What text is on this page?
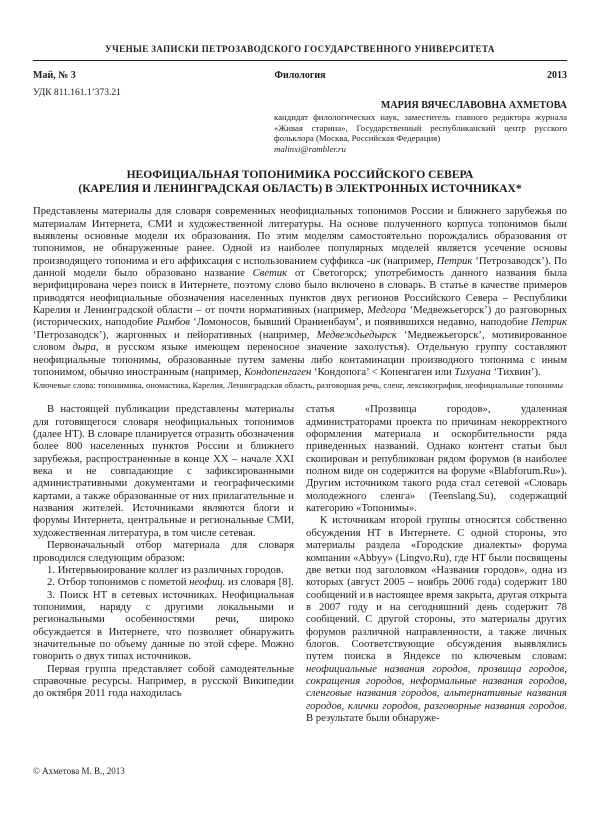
УЧЕНЫЕ ЗАПИСКИ ПЕТРОЗАВОДСКОГО ГОСУДАРСТВЕННОГО УНИВЕРСИТЕТА
Май, № 3	Филология	2013
УДК 811.161.1’373.21
МАРИЯ ВЯЧЕСЛАВОВНА АХМЕТОВА
кандидат филологических наук, заместитель главного редактора журнала «Живая старина», Государственный республиканский центр русского фольклора (Москва, Российская Федерация)
malinxi@rambler.ru
НЕОФИЦИАЛЬНАЯ ТОПОНИМИКА РОССИЙСКОГО СЕВЕРА
(КАРЕЛИЯ И ЛЕНИНГРАДСКАЯ ОБЛАСТЬ) В ЭЛЕКТРОННЫХ ИСТОЧНИКАХ*
Представлены материалы для словаря современных неофициальных топонимов России и ближнего зарубежья по материалам Интернета, СМИ и художественной литературы. На основе полученного корпуса топонимов были выявлены основные модели их образования. По этим моделям самостоятельно порождались образования от топонимов, не обнаруженные ранее. Одной из наиболее популярных моделей является усечение основы производящего топонима и его аффиксация с использованием суффикса -ик (например, Петрик ‘Петрозаводск’). По данной модели было образовано название Светик от Светогорск; употребимость данного названия была верифицирована через поиск в Интернете, поэтому слово было включено в словарь. В статье в качестве примеров приводятся неофициальные обозначения населенных пунктов двух регионов Российского Севера – Республики Карелия и Ленинградской области – от почти нормативных (например, Медгора ‘Медвежьегорск’) до разговорных (исторических, наподобие Рамбов ‘Ломоносов, бывший Ораниенбаум’, и появившихся недавно, наподобие Петрик ‘Петрозаводск’), жаргонных и пейоративных (например, Медвеждьедырск ‘Медвежьегорск’, мотивированное словом дыра, в русском языке имеющем переносное значение захолустья). Отдельную группу составляют неофициальные топонимы, образованные путем замены либо контаминации производного топонима с иным топонимом, обычно иностранным (например, Кондопенгаген ‘Кондопога’ < Копенгаген или Тихуана ‘Тихвин’).
Ключевые слова: топонимика, ономастика, Карелия, Ленинградская область, разговорная речь, сленг, лексикография, неофициальные топонимы

В настоящей публикации представлены материалы для готовящегося словаря неофициальных топонимов (далее НТ). В словаре планируется отразить обозначения более 800 населенных пунктов России и ближнего зарубежья, распространенные в конце XX – начале XXI века и не совпадающие с зафиксированными административными документами и географическими картами, а также образованные от них прилагательные и названия жителей. Источниками являются блоги и форумы Интернета, центральные и региональные СМИ, художественная литература, в том числе сетевая.

Первоначальный отбор материала для словаря проводился следующим образом:

1. Интервьюирование коллег из различных городов.

2. Отбор топонимов с пометой неофиц. из словаря [8].

3. Поиск НТ в сетевых источниках. Неофициальная топонимия, наряду с другими локальными и региональными особенностями речи, широко обсуждается в Интернете, что позволяет обнаружить значительные по объему данные по этой сфере. Можно говорить о двух типах источников.

Первая группа представляет собой самодеятельные справочные ресурсы. Например, в русской Википедии до октября 2011 года находилась

статья «Прозвища городов», удаленная администраторами проекта по причинам некорректного оформления материала и оскорбительности ряда приведенных названий. Однако контент статьи был скопирован и републикован рядом форумов (в наиболее полном виде он содержится на форуме «Blabforum.Ru»). Другим источником такого рода стал сетевой «Словарь молодежного сленга» (Teenslang.Su), содержащий категорию «Топонимы».

К источникам второй группы относятся собственно обсуждения НТ в Интернете. С одной стороны, это материалы раздела «Городские диалекты» форума компании «Abbyy» (Lingvo.Ru), где НТ были посвящены две ветки под заголовком «Названия городов», одна из которых (август 2005 – ноябрь 2006 года) содержит 180 сообщений и в настоящее время закрыта, другая открыта в 2007 году и на сегодняшний день содержит 78 сообщений. С другой стороны, это материалы других форумов различной направленности, а также личных блогов. Соответствующие обсуждения выявлялись путем поиска в Яндексе по ключевым словам: неофициальные названия городов, прозвища городов, сокращения городов, неформальные названия городов, сленговые названия городов, альтернативные названия городов, клички городов, разговорные названия городов. В результате были обнаруже-

© Ахметова М. В., 2013
